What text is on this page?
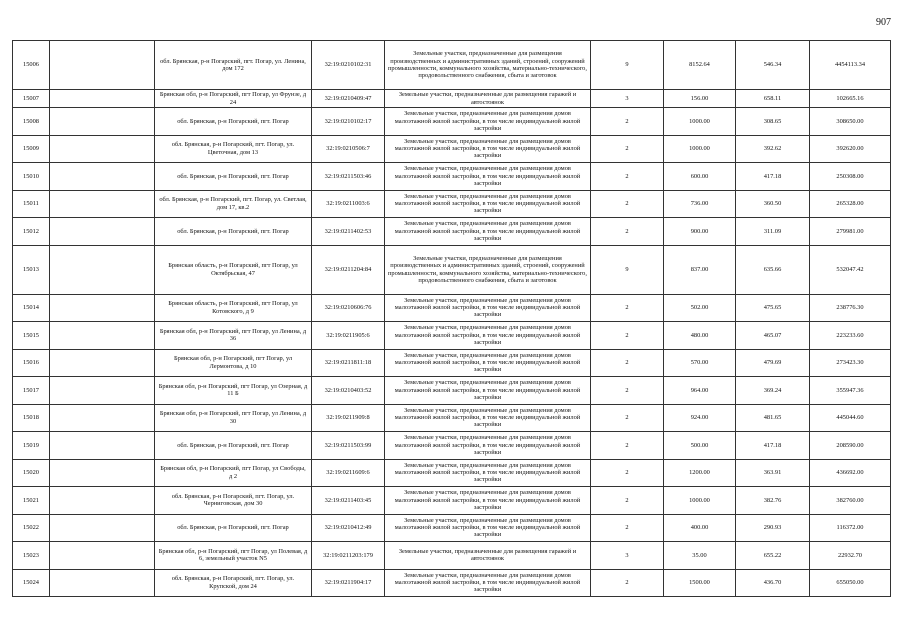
907
15006		обл. Брянская, р-н Погарский, пгт. Погар, ул. Ленина, дом 172	32:19:0210102:31	Земельные участки, предназначенные для размещения производственных и административных зданий, строений, сооружений промышленности, коммунального хозяйства, материально-технического, продовольственного снабжения, сбыта и заготовок	9	8152.64	546.34	4454113.34
15007		Брянская обл, р-н Погарский, пгт Погар, ул Фрунзе, д 24	32:19:0210409:47	Земельные участки, предназначенные для размещения гаражей и автостоянок	3	156.00	658.11	102665.16
15008		обл. Брянская, р-н Погарский, пгт. Погар	32:19:0210102:17	Земельные участки, предназначенные для размещения домов малоэтажной жилой застройки, в том числе индивидуальной жилой застройки	2	1000.00	308.65	308650.00
15009		обл. Брянская, р-н Погарский, пгт. Погар, ул. Цветочная, дом 13	32:19:0210506:7	Земельные участки, предназначенные для размещения домов малоэтажной жилой застройки, в том числе индивидуальной жилой застройки	2	1000.00	392.62	392620.00
15010		обл. Брянская, р-н Погарский, пгт. Погар	32:19:0211503:46	Земельные участки, предназначенные для размещения домов малоэтажной жилой застройки, в том числе индивидуальной жилой застройки	2	600.00	417.18	250308.00
15011		обл. Брянская, р-н Погарский, пгт. Погар, ул. Светлая, дом 17, кв.2	32:19:0211003:6	Земельные участки, предназначенные для размещения домов малоэтажной жилой застройки, в том числе индивидуальной жилой застройки	2	736.00	360.50	265328.00
15012		обл. Брянская, р-н Погарский, пгт. Погар	32:19:0211402:53	Земельные участки, предназначенные для размещения домов малоэтажной жилой застройки, в том числе индивидуальной жилой застройки	2	900.00	311.09	279981.00
15013		Брянская область, р-н Погарский, пгт Погар, ул Октябрьская, 47	32:19:0211204:84	Земельные участки, предназначенные для размещения производственных и административных зданий, строений, сооружений промышленности, коммунального хозяйства, материально-технического, продовольственного снабжения, сбыта и заготовок	9	837.00	635.66	532047.42
15014		Брянская область, р-н Погарский, пгт Погар, ул Котовского, д 9	32:19:0210606:76	Земельные участки, предназначенные для размещения домов малоэтажной жилой застройки, в том числе индивидуальной жилой застройки	2	502.00	475.65	238776.30
15015		Брянская обл, р-н Погарский, пгт Погар, ул Ленина, д 36	32:19:0211905:6	Земельные участки, предназначенные для размещения домов малоэтажной жилой застройки, в том числе индивидуальной жилой застройки	2	480.00	465.07	223233.60
15016		Брянская обл, р-н Погарский, пгт Погар, ул Лермонтова, д 10	32:19:0211811:18	Земельные участки, предназначенные для размещения домов малоэтажной жилой застройки, в том числе индивидуальной жилой застройки	2	570.00	479.69	273423.30
15017		Брянская обл, р-н Погарский, пгт Погар, ул Озерная, д 11 Б	32:19:0210403:52	Земельные участки, предназначенные для размещения домов малоэтажной жилой застройки, в том числе индивидуальной жилой застройки	2	964.00	369.24	355947.36
15018		Брянская обл, р-н Погарский, пгт Погар, ул Ленина, д 30	32:19:0211909:8	Земельные участки, предназначенные для размещения домов малоэтажной жилой застройки, в том числе индивидуальной жилой застройки	2	924.00	481.65	445044.60
15019		обл. Брянская, р-н Погарский, пгт. Погар	32:19:0211503:99	Земельные участки, предназначенные для размещения домов малоэтажной жилой застройки, в том числе индивидуальной жилой застройки	2	500.00	417.18	208590.00
15020		Брянская обл, р-н Погарский, пгт Погар, ул Свободы, д 2	32:19:0211609:6	Земельные участки, предназначенные для размещения домов малоэтажной жилой застройки, в том числе индивидуальной жилой застройки	2	1200.00	363.91	436692.00
15021		обл. Брянская, р-н Погарский, пгт. Погар, ул. Черниговская, дом 30	32:19:0211403:45	Земельные участки, предназначенные для размещения домов малоэтажной жилой застройки, в том числе индивидуальной жилой застройки	2	1000.00	382.76	382760.00
15022		обл. Брянская, р-н Погарский, пгт. Погар	32:19:0210412:49	Земельные участки, предназначенные для размещения домов малоэтажной жилой застройки, в том числе индивидуальной жилой застройки	2	400.00	290.93	116372.00
15023		Брянская обл, р-н Погарский, пгт Погар, ул Полевая, д 6, земельный участок N5	32:19:0211203:179	Земельные участки, предназначенные для размещения гаражей и автостоянок	3	35.00	655.22	22932.70
15024		обл. Брянская, р-н Погарский, пгт. Погар, ул. Крупской, дом 24	32:19:0211904:17	Земельные участки, предназначенные для размещения домов малоэтажной жилой застройки, в том числе индивидуальной жилой застройки	2	1500.00	436.70	655050.00
